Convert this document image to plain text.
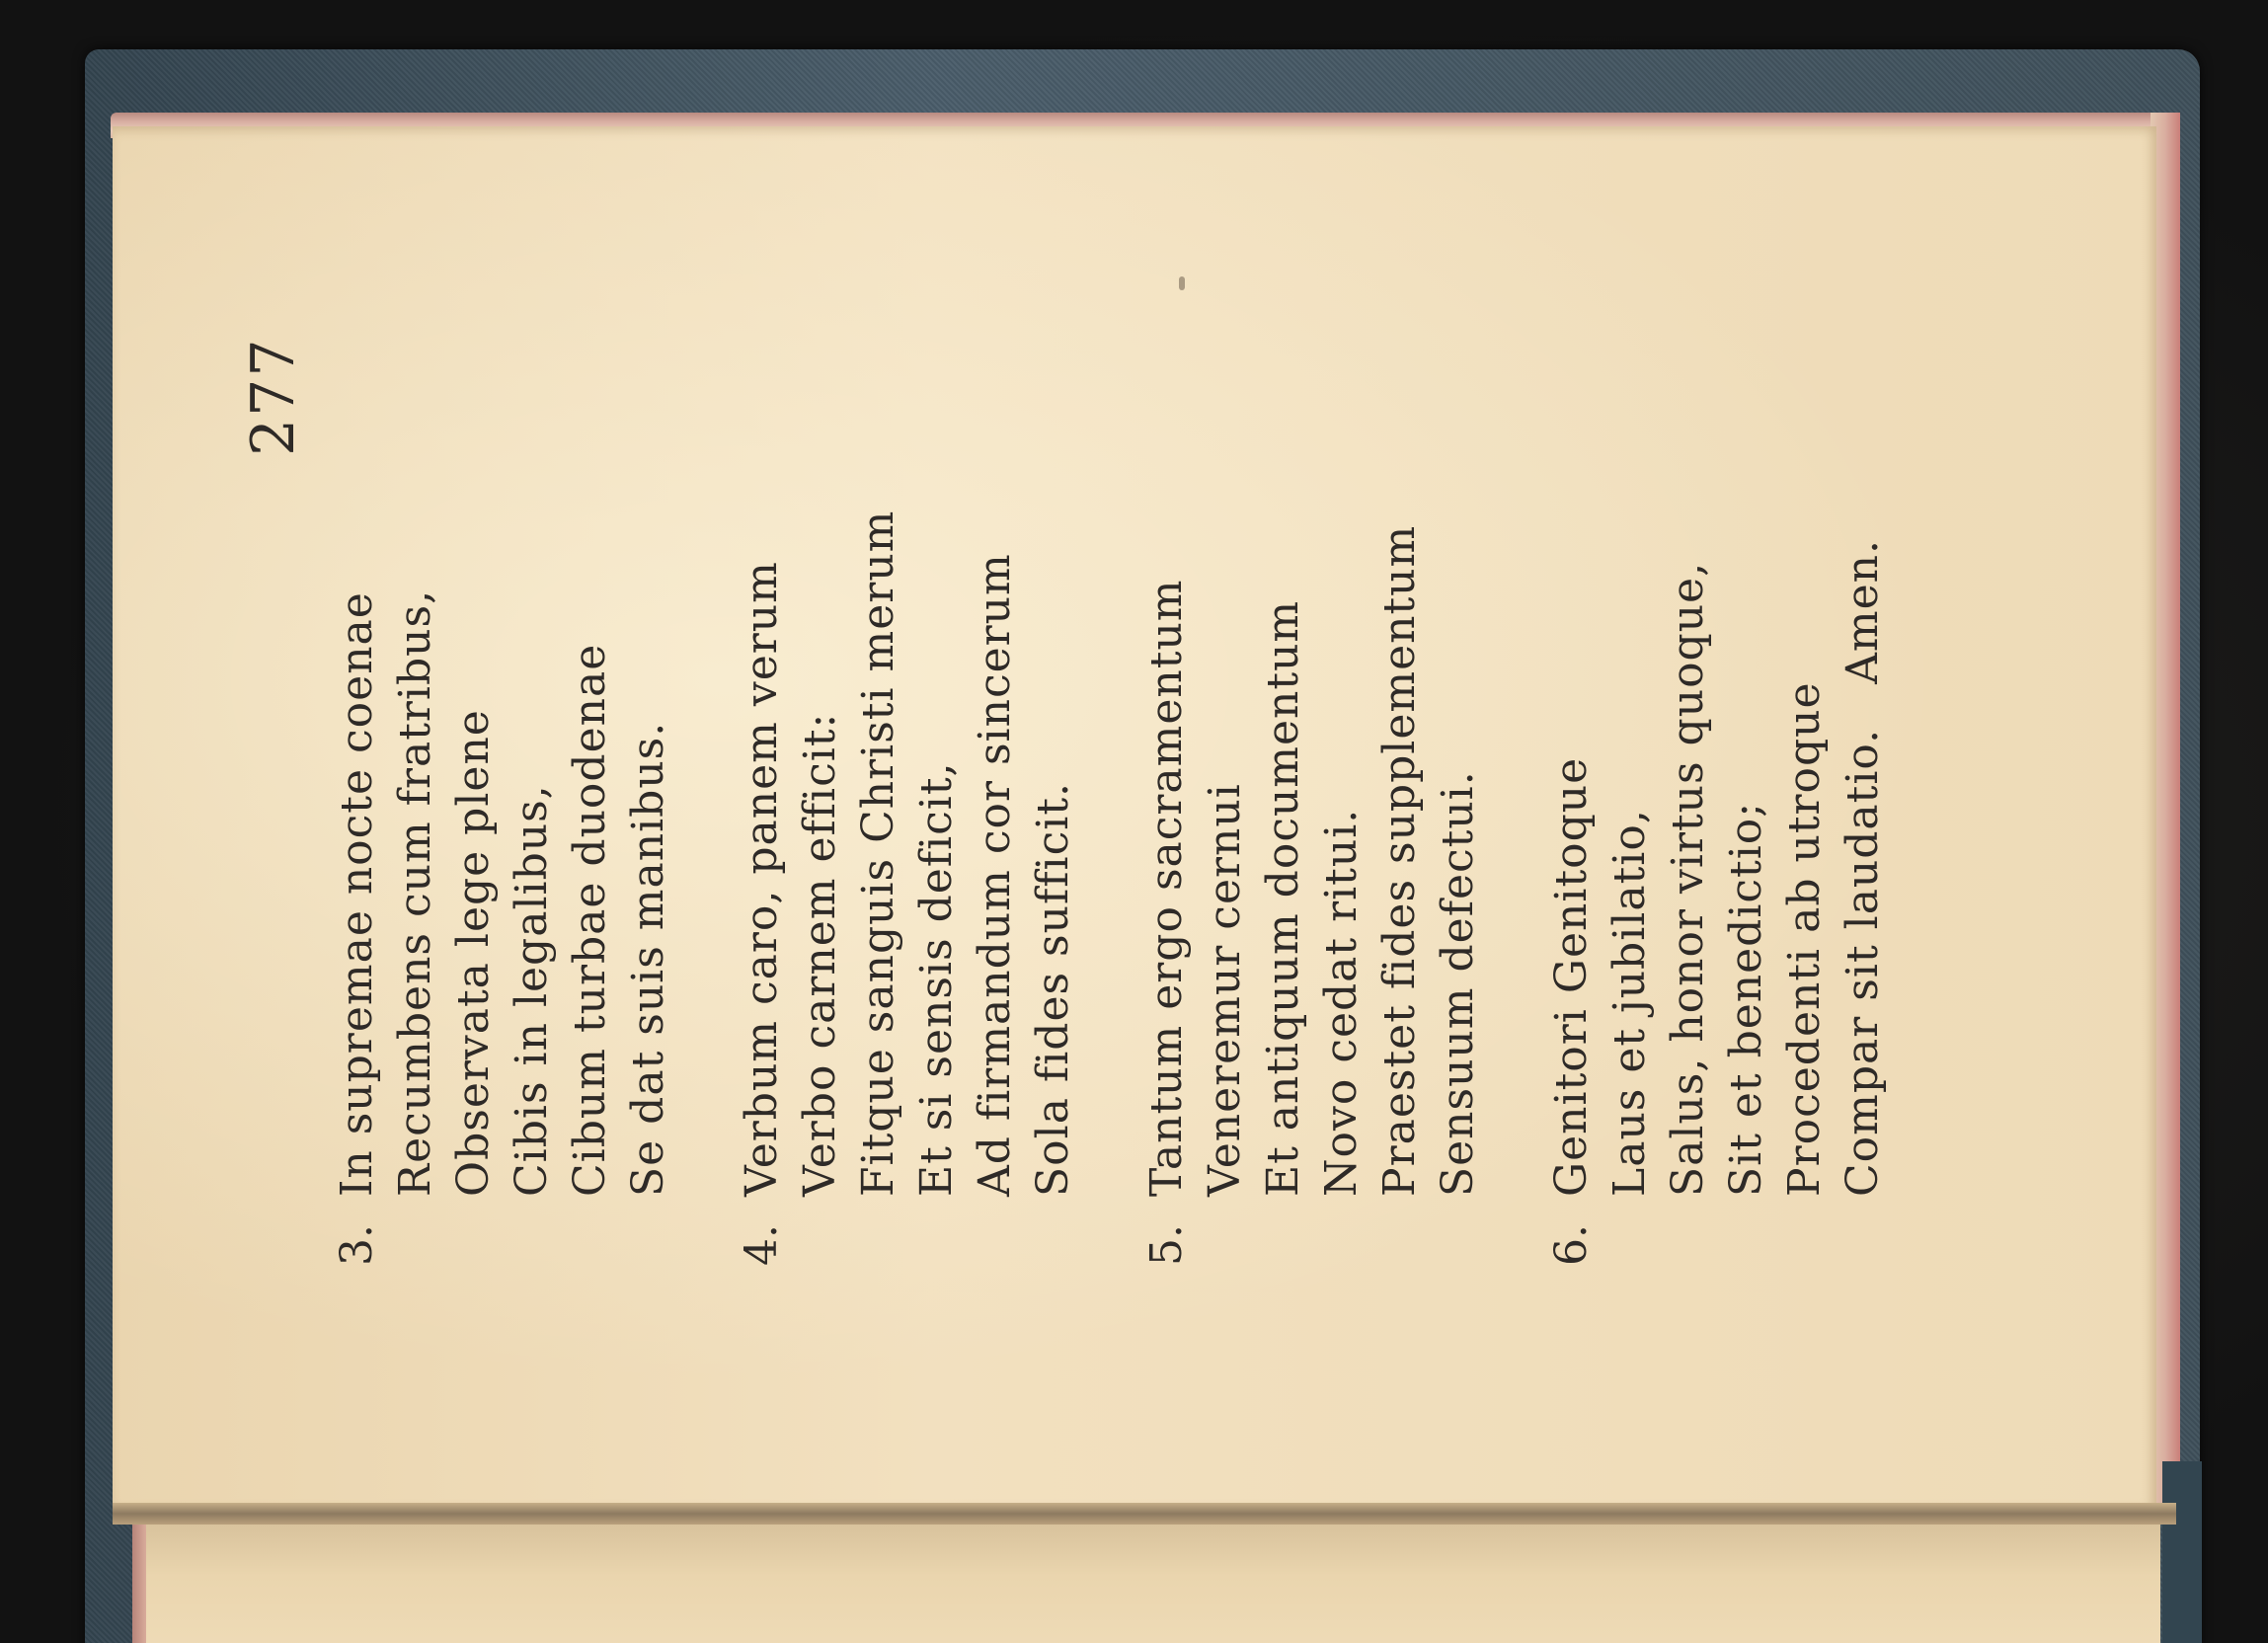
277
3.
In supremae nocte coenae Recumbens cum fratribus, Observata lege plene Cibis in legalibus, Cibum turbae duodenae Se dat suis manibus.
4.
Verbum caro, panem verum Verbo carnem efficit: Fitque sanguis Christi merum Et si sensis deficit, Ad firmandum cor sincerum Sola fides sufficit.
5.
Tantum ergo sacramentum Veneremur cernui Et antiquum documentum Novo cedat ritui. Praestet fides supplementum Sensuum defectui.
6.
Genitori Genitoque Laus et jubilatio, Salus, honor virtus quoque, Sit et benedictio; Procedenti ab utroque Compar sit laudatio.   Amen.
